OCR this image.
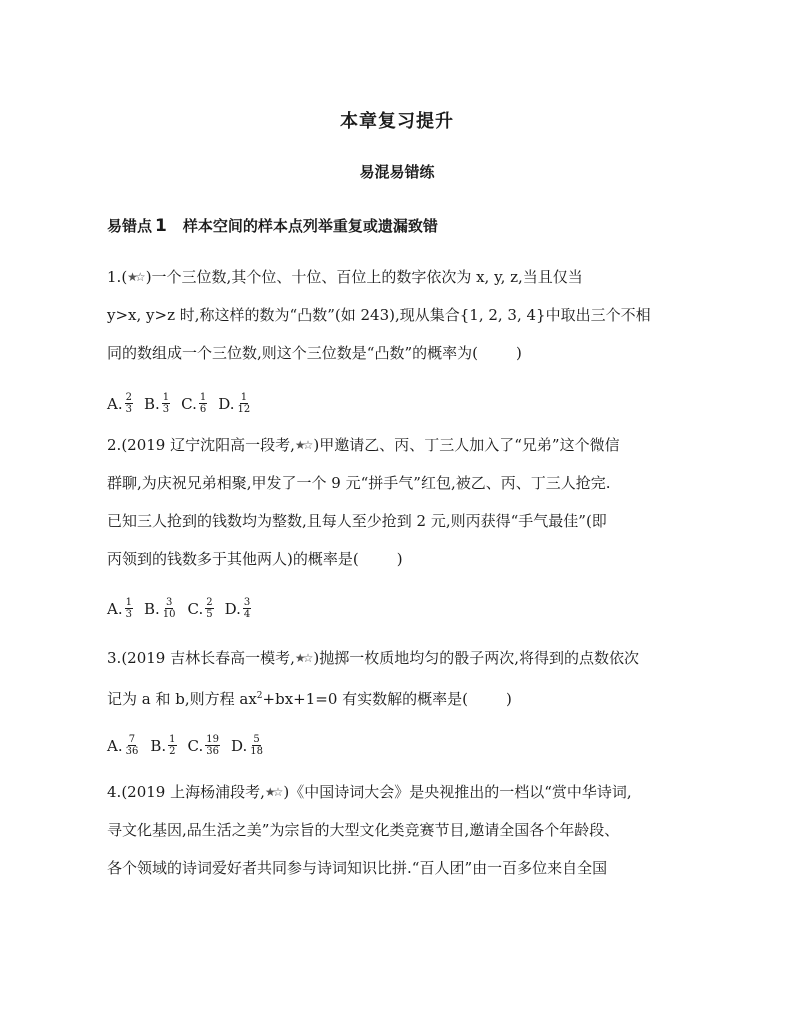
本章复习提升
易混易错练
易错点 1 样本空间的样本点列举重复或遗漏致错
1.(★☆ )一个三位数,其个位、十位、百位上的数字依次为 x, y, z,当且仅当
y>x, y>z 时,称这样的数为“凸数”(如 243),现从集合{1, 2, 3, 4}中取出三个不相
同的数组成一个三位数,则这个三位数是“凸数”的概率为(	)
A. $\frac{2}{3} B$. $\frac{1}{3} C$. $\frac{1}{6} D$. $\frac{1}{12}$
2.(2019 辽宁沈阳高一段考,★☆ )甲邀请乙、丙、丁三人加入了“兄弟”这个微信
群聊,为庆祝兄弟相聚,甲发了一个 9 元“拼手气”红包,被乙、丙、丁三人抢完.
已知三人抢到的钱数均为整数,且每人至少抢到 2 元,则丙获得“手气最佳”(即
丙领到的钱数多于其他两人)的概率是(	)
A. $\frac{1}{3} B$. $\frac{3}{10} C$. $\frac{2}{5} D$. $\frac{3}{4}$
3.(2019 吉林长春高一模考,★☆ )抛掷一枚质地均匀的骰子两次,将得到的点数依次
记为 a 和 b,则方程 $ax^2+bx+1=0$ 有实数解的概率是(	)
A. $\frac{7}{36} B$. $\frac{1}{2} C$. $\frac{19}{36} D$. $\frac{5}{18}$
4.(2019 上海杨浦段考,★☆ )《中国诗词大会》是央视推出的一档以“赏中华诗词,
寻文化基因,品生活之美”为宗旨的大型文化类竞赛节目,邀请全国各个年龄段、
各个领域的诗词爱好者共同参与诗词知识比拼.“百人团”由一百多位来自全国
